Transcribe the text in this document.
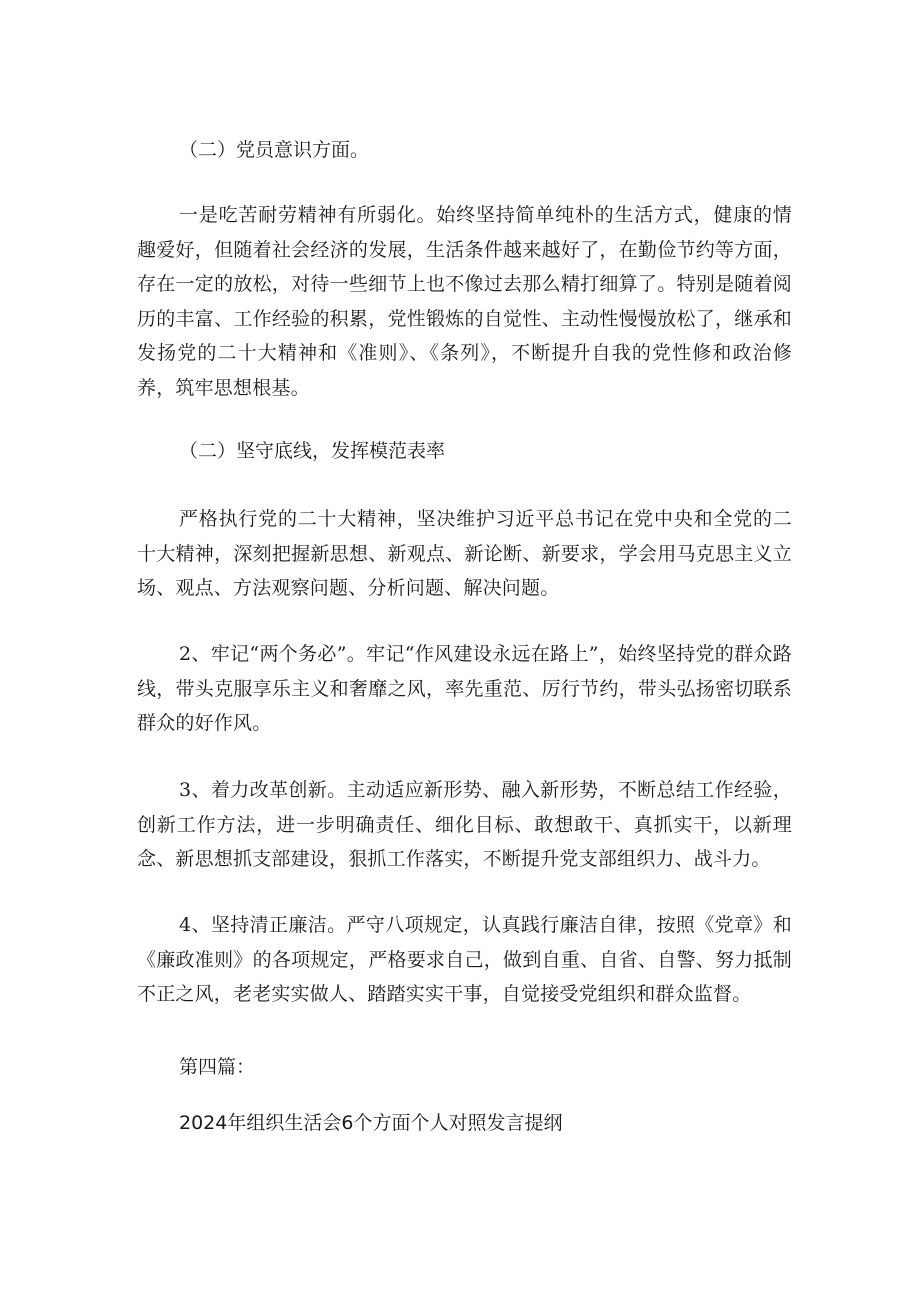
（二）党员意识方面。

一是吃苦耐劳精神有所弱化。始终坚持简单纯朴的生活方式，健康的情趣爱好，但随着社会经济的发展，生活条件越来越好了，在勤俭节约等方面，存在一定的放松，对待一些细节上也不像过去那么精打细算了。特别是随着阅历的丰富、工作经验的积累，党性锻炼的自觉性、主动性慢慢放松了，继承和发扬党的二十大精神和《准则》、《条列》，不断提升自我的党性修和政治修养，筑牢思想根基。

（二）坚守底线，发挥模范表率

严格执行党的二十大精神，坚决维护习近平总书记在党中央和全党的二十大精神，深刻把握新思想、新观点、新论断、新要求，学会用马克思主义立场、观点、方法观察问题、分析问题、解决问题。

2、牢记“两个务必”。牢记“作风建设永远在路上”，始终坚持党的群众路线，带头克服享乐主义和奢靡之风，率先重范、厉行节约，带头弘扬密切联系群众的好作风。

3、着力改革创新。主动适应新形势、融入新形势，不断总结工作经验，创新工作方法，进一步明确责任、细化目标、敢想敢干、真抓实干，以新理念、新思想抓支部建设，狠抓工作落实，不断提升党支部组织力、战斗力。

4、坚持清正廉洁。严守八项规定，认真践行廉洁自律，按照《党章》和《廉政准则》的各项规定，严格要求自己，做到自重、自省、自警、努力抵制不正之风，老老实实做人、踏踏实实干事，自觉接受党组织和群众监督。

第四篇：

2024年组织生活会6个方面个人对照发言提纲
